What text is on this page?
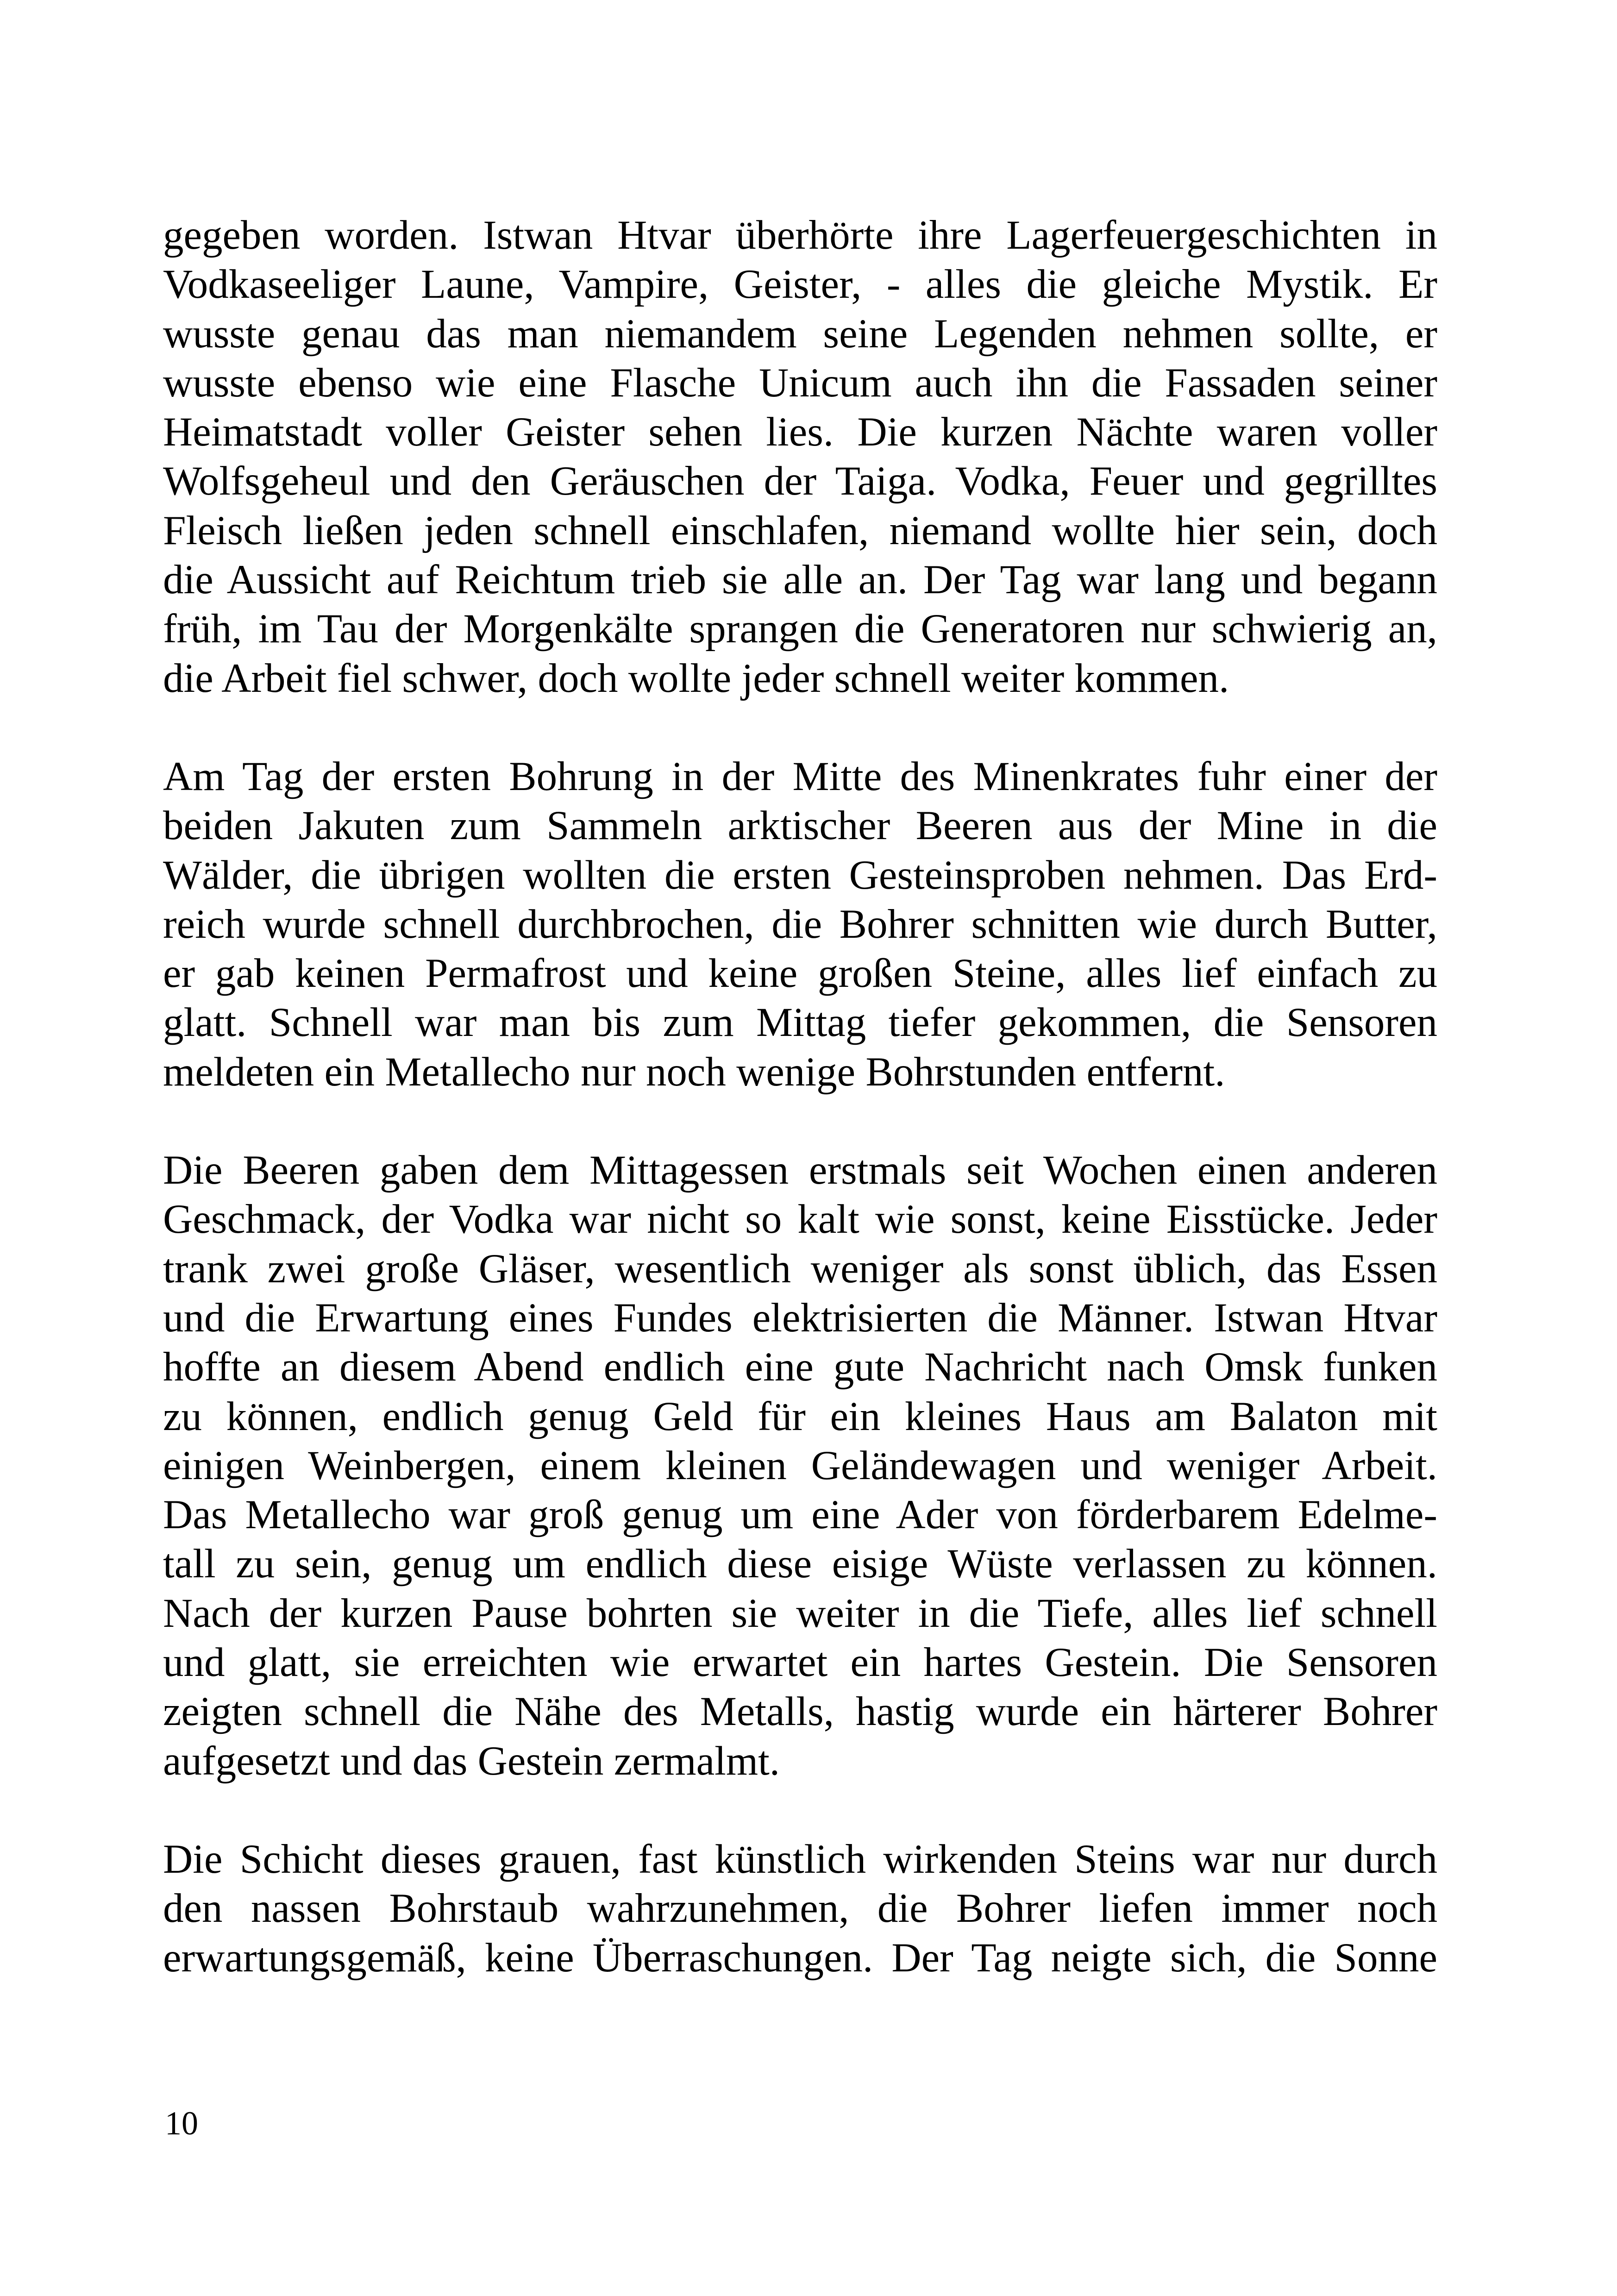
gegeben worden. Istwan Htvar überhörte ihre Lagerfeuergeschichten in
Vodkaseeliger Laune, Vampire, Geister, - alles die gleiche Mystik. Er
wusste genau das man niemandem seine Legenden nehmen sollte, er
wusste ebenso wie eine Flasche Unicum auch ihn die Fassaden seiner
Heimatstadt voller Geister sehen lies. Die kurzen Nächte waren voller
Wolfsgeheul und den Geräuschen der Taiga. Vodka, Feuer und gegrilltes
Fleisch ließen jeden schnell einschlafen, niemand wollte hier sein, doch
die Aussicht auf Reichtum trieb sie alle an. Der Tag war lang und begann
früh, im Tau der Morgenkälte sprangen die Generatoren nur schwierig an,
die Arbeit fiel schwer, doch wollte jeder schnell weiter kommen.
Am Tag der ersten Bohrung in der Mitte des Minenkrates fuhr einer der
beiden Jakuten zum Sammeln arktischer Beeren aus der Mine in die
Wälder, die übrigen wollten die ersten Gesteinsproben nehmen. Das Erd-
reich wurde schnell durchbrochen, die Bohrer schnitten wie durch Butter,
er gab keinen Permafrost und keine großen Steine, alles lief einfach zu
glatt. Schnell war man bis zum Mittag tiefer gekommen, die Sensoren
meldeten ein Metallecho nur noch wenige Bohrstunden entfernt.
Die Beeren gaben dem Mittagessen erstmals seit Wochen einen anderen
Geschmack, der Vodka war nicht so kalt wie sonst, keine Eisstücke. Jeder
trank zwei große Gläser, wesentlich weniger als sonst üblich, das Essen
und die Erwartung eines Fundes elektrisierten die Männer. Istwan Htvar
hoffte an diesem Abend endlich eine gute Nachricht nach Omsk funken
zu können, endlich genug Geld für ein kleines Haus am Balaton mit
einigen Weinbergen, einem kleinen Geländewagen und weniger Arbeit.
Das Metallecho war groß genug um eine Ader von förderbarem Edelme-
tall zu sein, genug um endlich diese eisige Wüste verlassen zu können.
Nach der kurzen Pause bohrten sie weiter in die Tiefe, alles lief schnell
und glatt, sie erreichten wie erwartet ein hartes Gestein. Die Sensoren
zeigten schnell die Nähe des Metalls, hastig wurde ein härterer Bohrer
aufgesetzt und das Gestein zermalmt.
Die Schicht dieses grauen, fast künstlich wirkenden Steins war nur durch
den nassen Bohrstaub wahrzunehmen, die Bohrer liefen immer noch
erwartungsgemäß, keine Überraschungen. Der Tag neigte sich, die Sonne
10
